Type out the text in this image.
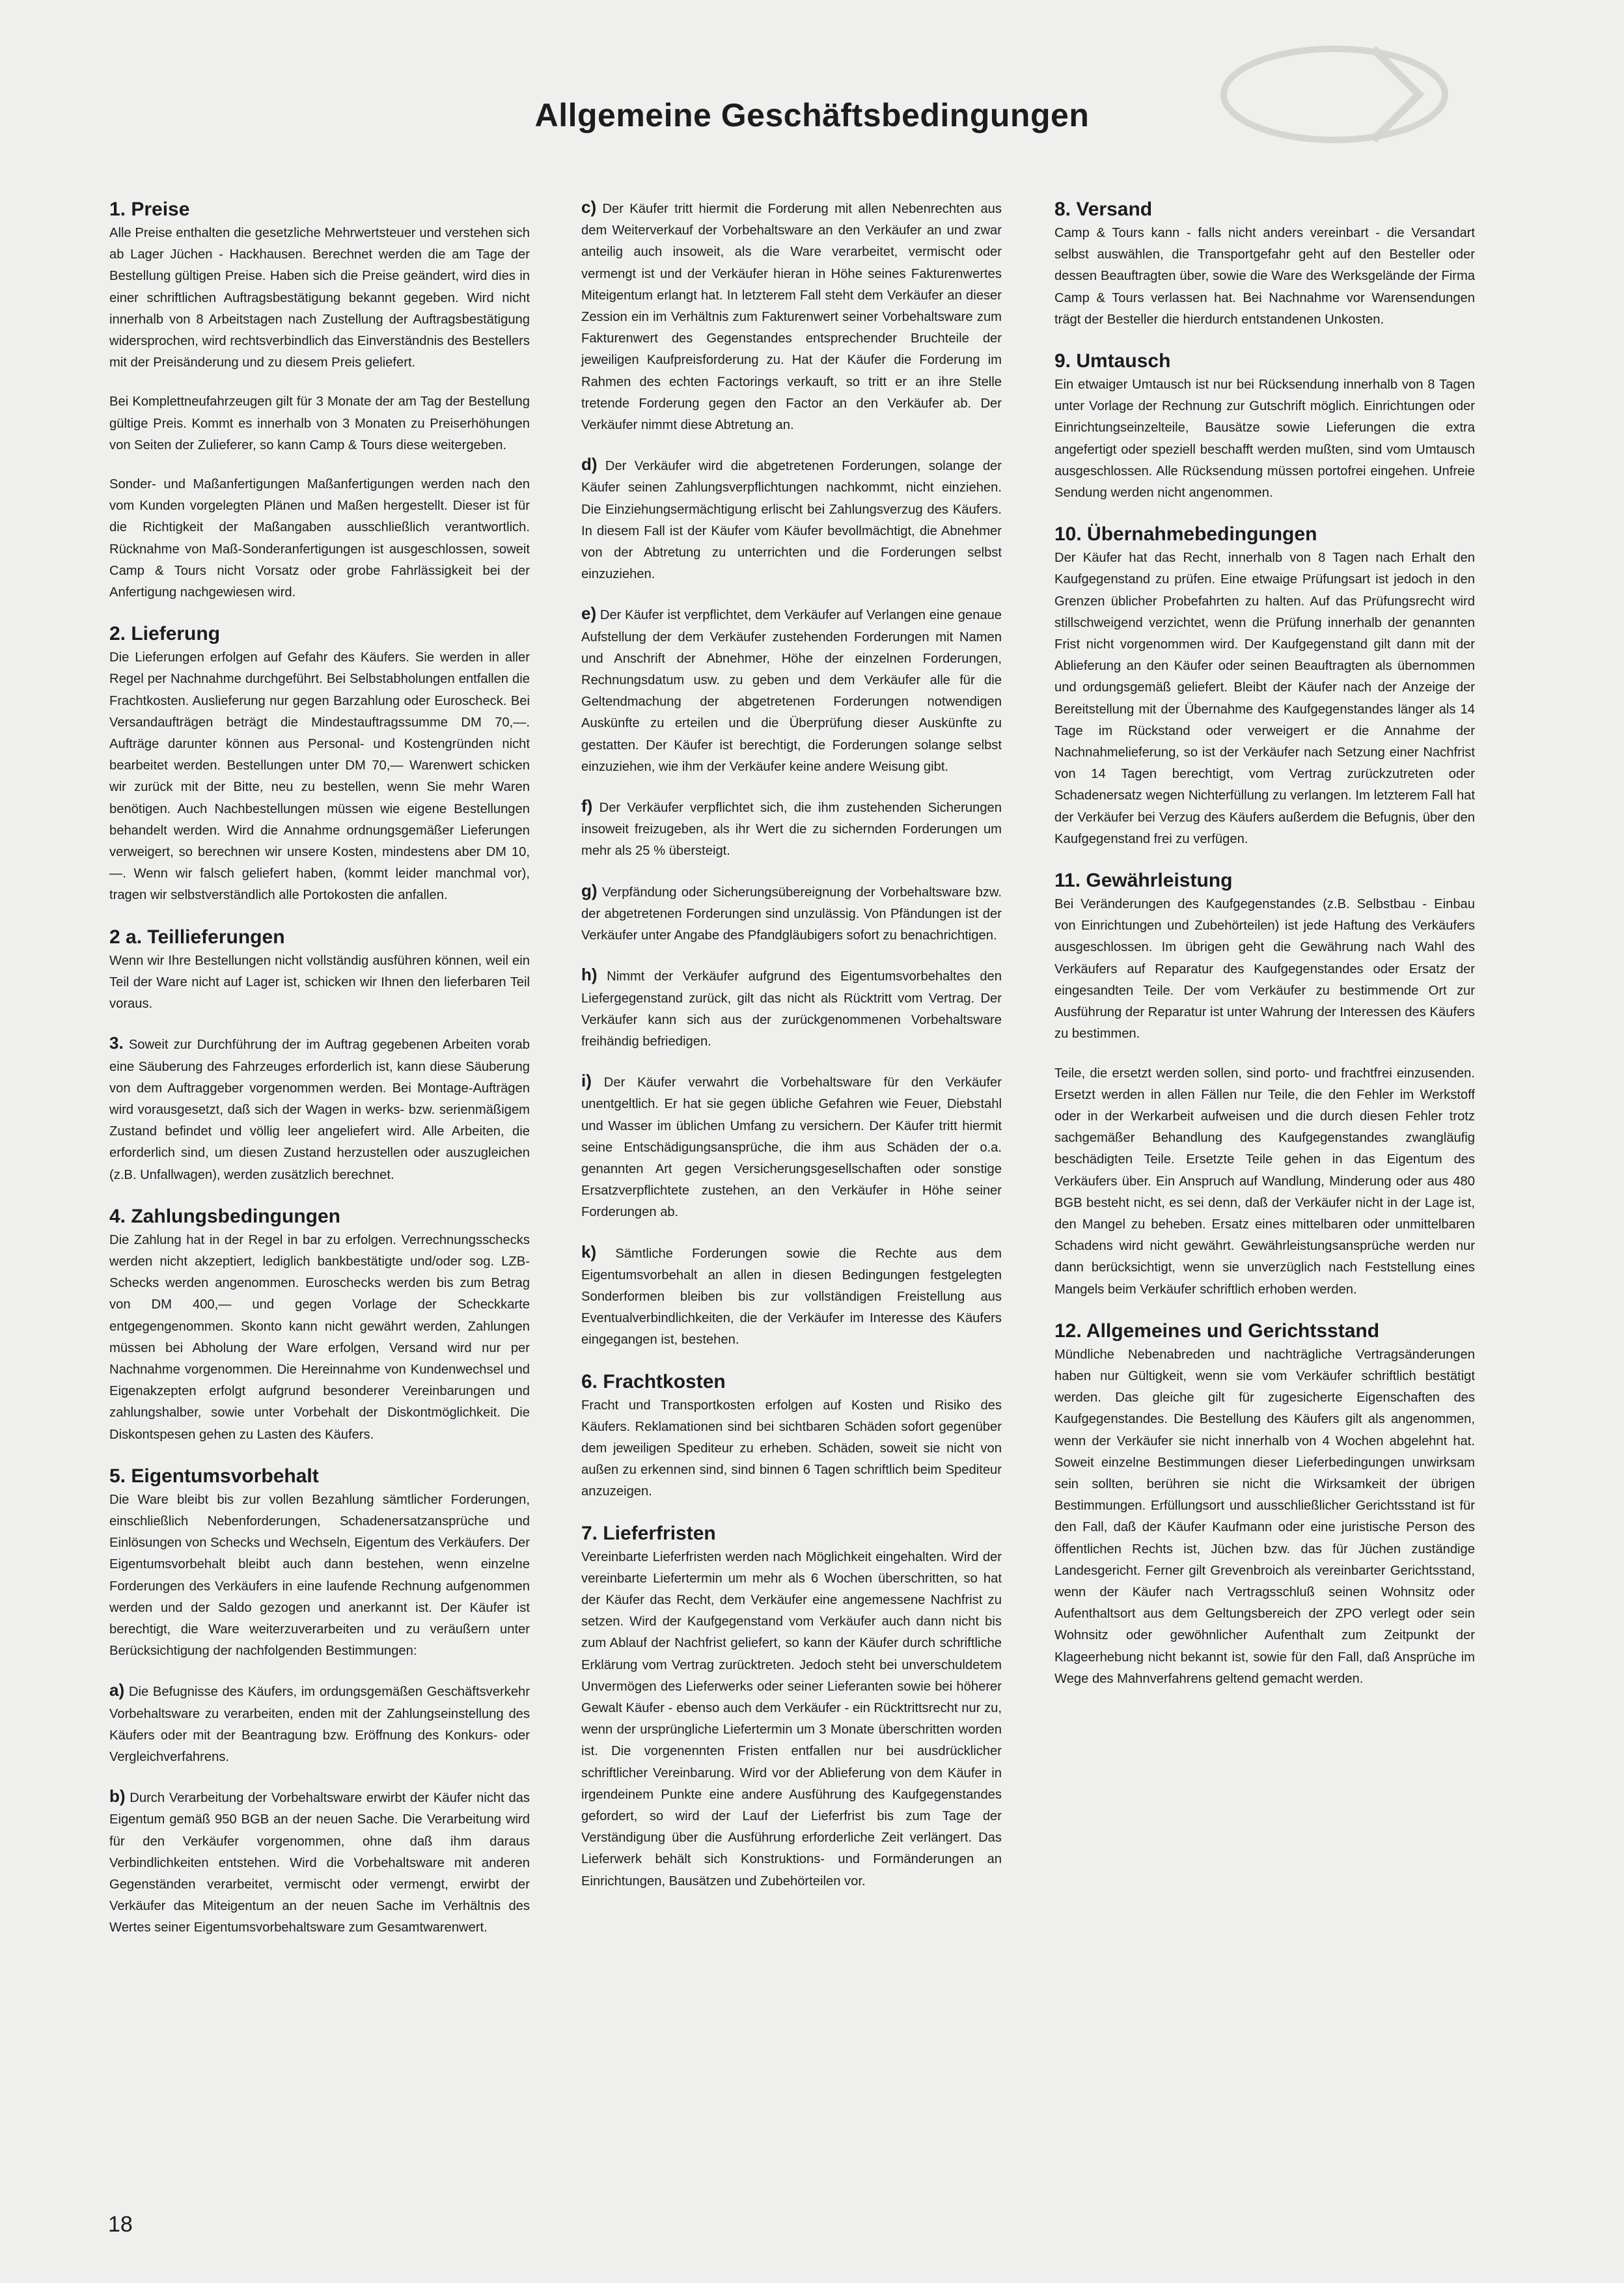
Allgemeine Geschäftsbedingungen
1. Preise

Alle Preise enthalten die gesetzliche Mehrwertsteuer und verstehen sich ab Lager Jüchen - Hackhausen. Berechnet werden die am Tage der Bestellung gültigen Preise. Haben sich die Preise geändert, wird dies in einer schriftlichen Auftragsbestätigung bekannt gegeben. Wird nicht innerhalb von 8 Arbeitstagen nach Zustellung der Auftragsbestätigung widersprochen, wird rechtsverbindlich das Einverständnis des Bestellers mit der Preisänderung und zu diesem Preis geliefert.

Bei Komplettneufahrzeugen gilt für 3 Monate der am Tag der Bestellung gültige Preis. Kommt es innerhalb von 3 Monaten zu Preiserhöhungen von Seiten der Zulieferer, so kann Camp & Tours diese weitergeben.

Sonder- und Maßanfertigungen Maßanfertigungen werden nach den vom Kunden vorgelegten Plänen und Maßen hergestellt. Dieser ist für die Richtigkeit der Maßangaben ausschließlich verantwortlich. Rücknahme von Maß-Sonderanfertigungen ist ausgeschlossen, soweit Camp & Tours nicht Vorsatz oder grobe Fahrlässigkeit bei der Anfertigung nachgewiesen wird.

2. Lieferung

Die Lieferungen erfolgen auf Gefahr des Käufers. Sie werden in aller Regel per Nachnahme durchgeführt. Bei Selbstabholungen entfallen die Frachtkosten. Auslieferung nur gegen Barzahlung oder Euroscheck. Bei Versandaufträgen beträgt die Mindestauftragssumme DM 70,—. Aufträge darunter können aus Personal- und Kostengründen nicht bearbeitet werden. Bestellungen unter DM 70,— Warenwert schicken wir zurück mit der Bitte, neu zu bestellen, wenn Sie mehr Waren benötigen. Auch Nachbestellungen müssen wie eigene Bestellungen behandelt werden. Wird die Annahme ordnungsgemäßer Lieferungen verweigert, so berechnen wir unsere Kosten, mindestens aber DM 10,—. Wenn wir falsch geliefert haben, (kommt leider manchmal vor), tragen wir selbstverständlich alle Portokosten die anfallen.

2 a. Teillieferungen

Wenn wir Ihre Bestellungen nicht vollständig ausführen können, weil ein Teil der Ware nicht auf Lager ist, schicken wir Ihnen den lieferbaren Teil voraus.

3. Soweit zur Durchführung der im Auftrag gegebenen Arbeiten vorab eine Säuberung des Fahrzeuges erforderlich ist, kann diese Säuberung von dem Auftraggeber vorgenommen werden. Bei Montage-Aufträgen wird vorausgesetzt, daß sich der Wagen in werks- bzw. serienmäßigem Zustand befindet und völlig leer angeliefert wird. Alle Arbeiten, die erforderlich sind, um diesen Zustand herzustellen oder auszugleichen (z.B. Unfallwagen), werden zusätzlich berechnet.

4. Zahlungsbedingungen

Die Zahlung hat in der Regel in bar zu erfolgen. Verrechnungsschecks werden nicht akzeptiert, lediglich bankbestätigte und/oder sog. LZB-Schecks werden angenommen. Euroschecks werden bis zum Betrag von DM 400,— und gegen Vorlage der Scheckkarte entgegengenommen. Skonto kann nicht gewährt werden, Zahlungen müssen bei Abholung der Ware erfolgen, Versand wird nur per Nachnahme vorgenommen. Die Hereinnahme von Kundenwechsel und Eigenakzepten erfolgt aufgrund besonderer Vereinbarungen und zahlungshalber, sowie unter Vorbehalt der Diskontmöglichkeit. Die Diskontspesen gehen zu Lasten des Käufers.

5. Eigentumsvorbehalt

Die Ware bleibt bis zur vollen Bezahlung sämtlicher Forderungen, einschließlich Nebenforderungen, Schadenersatzansprüche und Einlösungen von Schecks und Wechseln, Eigentum des Verkäufers. Der Eigentumsvorbehalt bleibt auch dann bestehen, wenn einzelne Forderungen des Verkäufers in eine laufende Rechnung aufgenommen werden und der Saldo gezogen und anerkannt ist. Der Käufer ist berechtigt, die Ware weiterzuverarbeiten und zu veräußern unter Berücksichtigung der nachfolgenden Bestimmungen:

a) Die Befugnisse des Käufers, im ordungsgemäßen Geschäftsverkehr Vorbehaltsware zu verarbeiten, enden mit der Zahlungseinstellung des Käufers oder mit der Beantragung bzw. Eröffnung des Konkurs- oder Vergleichverfahrens.

b) Durch Verarbeitung der Vorbehaltsware erwirbt der Käufer nicht das Eigentum gemäß 950 BGB an der neuen Sache. Die Verarbeitung wird für den Verkäufer vorgenommen, ohne daß ihm daraus Verbindlichkeiten entstehen. Wird die Vorbehaltsware mit anderen Gegenständen verarbeitet, vermischt oder vermengt, erwirbt der Verkäufer das Miteigentum an der neuen Sache im Verhältnis des Wertes seiner Eigentumsvorbehaltsware zum Gesamtwarenwert.

c) Der Käufer tritt hiermit die Forderung mit allen Nebenrechten aus dem Weiterverkauf der Vorbehaltsware an den Verkäufer an und zwar anteilig auch insoweit, als die Ware verarbeitet, vermischt oder vermengt ist und der Verkäufer hieran in Höhe seines Fakturenwertes Miteigentum erlangt hat. In letzterem Fall steht dem Verkäufer an dieser Zession ein im Verhältnis zum Fakturenwert seiner Vorbehaltsware zum Fakturenwert des Gegenstandes entsprechender Bruchteile der jeweiligen Kaufpreisforderung zu. Hat der Käufer die Forderung im Rahmen des echten Factorings verkauft, so tritt er an ihre Stelle tretende Forderung gegen den Factor an den Verkäufer ab. Der Verkäufer nimmt diese Abtretung an.

d) Der Verkäufer wird die abgetretenen Forderungen, solange der Käufer seinen Zahlungsverpflichtungen nachkommt, nicht einziehen. Die Einziehungsermächtigung erlischt bei Zahlungsverzug des Käufers. In diesem Fall ist der Käufer vom Käufer bevollmächtigt, die Abnehmer von der Abtretung zu unterrichten und die Forderungen selbst einzuziehen.

e) Der Käufer ist verpflichtet, dem Verkäufer auf Verlangen eine genaue Aufstellung der dem Verkäufer zustehenden Forderungen mit Namen und Anschrift der Abnehmer, Höhe der einzelnen Forderungen, Rechnungsdatum usw. zu geben und dem Verkäufer alle für die Geltendmachung der abgetretenen Forderungen notwendigen Auskünfte zu erteilen und die Überprüfung dieser Auskünfte zu gestatten. Der Käufer ist berechtigt, die Forderungen solange selbst einzuziehen, wie ihm der Verkäufer keine andere Weisung gibt.

f) Der Verkäufer verpflichtet sich, die ihm zustehenden Sicherungen insoweit freizugeben, als ihr Wert die zu sichernden Forderungen um mehr als 25 % übersteigt.

g) Verpfändung oder Sicherungsübereignung der Vorbehaltsware bzw. der abgetretenen Forderungen sind unzulässig. Von Pfändungen ist der Verkäufer unter Angabe des Pfandgläubigers sofort zu benachrichtigen.

h) Nimmt der Verkäufer aufgrund des Eigentumsvorbehaltes den Liefergegenstand zurück, gilt das nicht als Rücktritt vom Vertrag. Der Verkäufer kann sich aus der zurückgenommenen Vorbehaltsware freihändig befriedigen.

i) Der Käufer verwahrt die Vorbehaltsware für den Verkäufer unentgeltlich. Er hat sie gegen übliche Gefahren wie Feuer, Diebstahl und Wasser im üblichen Umfang zu versichern. Der Käufer tritt hiermit seine Entschädigungsansprüche, die ihm aus Schäden der o.a. genannten Art gegen Versicherungsgesellschaften oder sonstige Ersatzverpflichtete zustehen, an den Verkäufer in Höhe seiner Forderungen ab.

k) Sämtliche Forderungen sowie die Rechte aus dem Eigentumsvorbehalt an allen in diesen Bedingungen festgelegten Sonderformen bleiben bis zur vollständigen Freistellung aus Eventualverbindlichkeiten, die der Verkäufer im Interesse des Käufers eingegangen ist, bestehen.

6. Frachtkosten

Fracht und Transportkosten erfolgen auf Kosten und Risiko des Käufers. Reklamationen sind bei sichtbaren Schäden sofort gegenüber dem jeweiligen Spediteur zu erheben. Schäden, soweit sie nicht von außen zu erkennen sind, sind binnen 6 Tagen schriftlich beim Spediteur anzuzeigen.

7. Lieferfristen

Vereinbarte Lieferfristen werden nach Möglichkeit eingehalten. Wird der vereinbarte Liefertermin um mehr als 6 Wochen überschritten, so hat der Käufer das Recht, dem Verkäufer eine angemessene Nachfrist zu setzen. Wird der Kaufgegenstand vom Verkäufer auch dann nicht bis zum Ablauf der Nachfrist geliefert, so kann der Käufer durch schriftliche Erklärung vom Vertrag zurücktreten. Jedoch steht bei unverschuldetem Unvermögen des Lieferwerks oder seiner Lieferanten sowie bei höherer Gewalt Käufer - ebenso auch dem Verkäufer - ein Rücktrittsrecht nur zu, wenn der ursprüngliche Liefertermin um 3 Monate überschritten worden ist. Die vorgenennten Fristen entfallen nur bei ausdrücklicher schriftlicher Vereinbarung. Wird vor der Ablieferung von dem Käufer in irgendeinem Punkte eine andere Ausführung des Kaufgegenstandes gefordert, so wird der Lauf der Lieferfrist bis zum Tage der Verständigung über die Ausführung erforderliche Zeit verlängert. Das Lieferwerk behält sich Konstruktions- und Formänderungen an Einrichtungen, Bausätzen und Zubehörteilen vor.

8. Versand

Camp & Tours kann - falls nicht anders vereinbart - die Versandart selbst auswählen, die Transportgefahr geht auf den Besteller oder dessen Beauftragten über, sowie die Ware des Werksgelände der Firma Camp & Tours verlassen hat. Bei Nachnahme vor Warensendungen trägt der Besteller die hierdurch entstandenen Unkosten.

9. Umtausch

Ein etwaiger Umtausch ist nur bei Rücksendung innerhalb von 8 Tagen unter Vorlage der Rechnung zur Gutschrift möglich. Einrichtungen oder Einrichtungseinzelteile, Bausätze sowie Lieferungen die extra angefertigt oder speziell beschafft werden mußten, sind vom Umtausch ausgeschlossen. Alle Rücksendung müssen portofrei eingehen. Unfreie Sendung werden nicht angenommen.

10. Übernahmebedingungen

Der Käufer hat das Recht, innerhalb von 8 Tagen nach Erhalt den Kaufgegenstand zu prüfen. Eine etwaige Prüfungsart ist jedoch in den Grenzen üblicher Probefahrten zu halten. Auf das Prüfungsrecht wird stillschweigend verzichtet, wenn die Prüfung innerhalb der genannten Frist nicht vorgenommen wird. Der Kaufgegenstand gilt dann mit der Ablieferung an den Käufer oder seinen Beauftragten als übernommen und ordungsgemäß geliefert. Bleibt der Käufer nach der Anzeige der Bereitstellung mit der Übernahme des Kaufgegenstandes länger als 14 Tage im Rückstand oder verweigert er die Annahme der Nachnahmelieferung, so ist der Verkäufer nach Setzung einer Nachfrist von 14 Tagen berechtigt, vom Vertrag zurückzutreten oder Schadenersatz wegen Nichterfüllung zu verlangen. Im letzterem Fall hat der Verkäufer bei Verzug des Käufers außerdem die Befugnis, über den Kaufgegenstand frei zu verfügen.

11. Gewährleistung

Bei Veränderungen des Kaufgegenstandes (z.B. Selbstbau - Einbau von Einrichtungen und Zubehörteilen) ist jede Haftung des Verkäufers ausgeschlossen. Im übrigen geht die Gewährung nach Wahl des Verkäufers auf Reparatur des Kaufgegenstandes oder Ersatz der eingesandten Teile. Der vom Verkäufer zu bestimmende Ort zur Ausführung der Reparatur ist unter Wahrung der Interessen des Käufers zu bestimmen.

Teile, die ersetzt werden sollen, sind porto- und frachtfrei einzusenden. Ersetzt werden in allen Fällen nur Teile, die den Fehler im Werkstoff oder in der Werkarbeit aufweisen und die durch diesen Fehler trotz sachgemäßer Behandlung des Kaufgegenstandes zwangläufig beschädigten Teile. Ersetzte Teile gehen in das Eigentum des Verkäufers über. Ein Anspruch auf Wandlung, Minderung oder aus 480 BGB besteht nicht, es sei denn, daß der Verkäufer nicht in der Lage ist, den Mangel zu beheben. Ersatz eines mittelbaren oder unmittelbaren Schadens wird nicht gewährt. Gewährleistungsansprüche werden nur dann berücksichtigt, wenn sie unverzüglich nach Feststellung eines Mangels beim Verkäufer schriftlich erhoben werden.

12. Allgemeines und Gerichtsstand

Mündliche Nebenabreden und nachträgliche Vertragsänderungen haben nur Gültigkeit, wenn sie vom Verkäufer schriftlich bestätigt werden. Das gleiche gilt für zugesicherte Eigenschaften des Kaufgegenstandes. Die Bestellung des Käufers gilt als angenommen, wenn der Verkäufer sie nicht innerhalb von 4 Wochen abgelehnt hat. Soweit einzelne Bestimmungen dieser Lieferbedingungen unwirksam sein sollten, berühren sie nicht die Wirksamkeit der übrigen Bestimmungen. Erfüllungsort und ausschließlicher Gerichtsstand ist für den Fall, daß der Käufer Kaufmann oder eine juristische Person des öffentlichen Rechts ist, Jüchen bzw. das für Jüchen zuständige Landesgericht. Ferner gilt Grevenbroich als vereinbarter Gerichtsstand, wenn der Käufer nach Vertragsschluß seinen Wohnsitz oder Aufenthaltsort aus dem Geltungsbereich der ZPO verlegt oder sein Wohnsitz oder gewöhnlicher Aufenthalt zum Zeitpunkt der Klageerhebung nicht bekannt ist, sowie für den Fall, daß Ansprüche im Wege des Mahnverfahrens geltend gemacht werden.

18
